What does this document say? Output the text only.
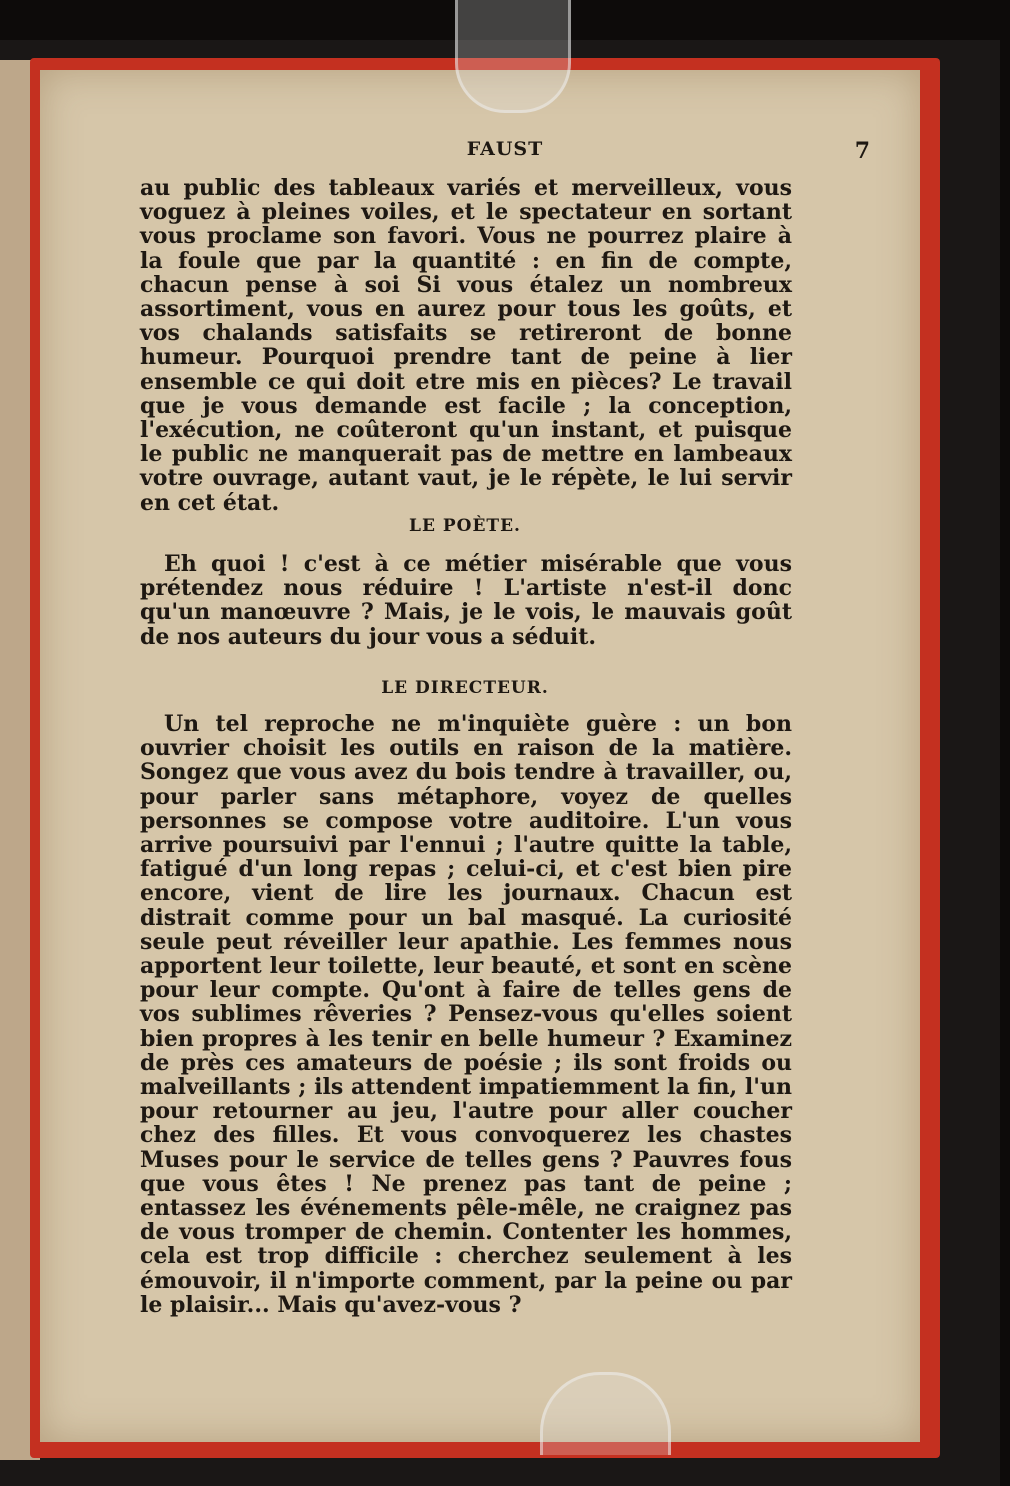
FAUST	7

au public des tableaux variés et merveilleux, vous voguez à pleines voiles, et le spectateur en sortant vous proclame son favori. Vous ne pourrez plaire à la foule que par la quantité : en fin de compte, chacun pense à soi Si vous étalez un nombreux assortiment, vous en aurez pour tous les goûts, et vos chalands satisfaits se retireront de bonne humeur. Pourquoi prendre tant de peine à lier ensemble ce qui doit etre mis en pièces? Le travail que je vous demande est facile ; la conception, l'exécution, ne coûteront qu'un instant, et puisque le public ne manquerait pas de mettre en lambeaux votre ouvrage, autant vaut, je le répète, le lui servir en cet état.

LE POÈTE.

Eh quoi ! c'est à ce métier misérable que vous prétendez nous réduire ! L'artiste n'est-il donc qu'un manœuvre ? Mais, je le vois, le mauvais goût de nos auteurs du jour vous a séduit.

LE DIRECTEUR.

Un tel reproche ne m'inquiète guère : un bon ouvrier choisit les outils en raison de la matière. Songez que vous avez du bois tendre à travailler, ou, pour parler sans métaphore, voyez de quelles personnes se compose votre auditoire. L'un vous arrive poursuivi par l'ennui ; l'autre quitte la table, fatigué d'un long repas ; celui-ci, et c'est bien pire encore, vient de lire les journaux. Chacun est distrait comme pour un bal masqué. La curiosité seule peut réveiller leur apathie. Les femmes nous apportent leur toilette, leur beauté, et sont en scène pour leur compte. Qu'ont à faire de telles gens de vos sublimes rêveries ? Pensez-vous qu'elles soient bien propres à les tenir en belle humeur ? Examinez de près ces amateurs de poésie ; ils sont froids ou malveillants ; ils attendent impatiemment la fin, l'un pour retourner au jeu, l'autre pour aller coucher chez des filles. Et vous convoquerez les chastes Muses pour le service de telles gens ? Pauvres fous que vous êtes ! Ne prenez pas tant de peine ; entassez les événements pêle-mêle, ne craignez pas de vous tromper de chemin. Contenter les hommes, cela est trop difficile : cherchez seulement à les émouvoir, il n'importe comment, par la peine ou par le plaisir... Mais qu'avez-vous ?
